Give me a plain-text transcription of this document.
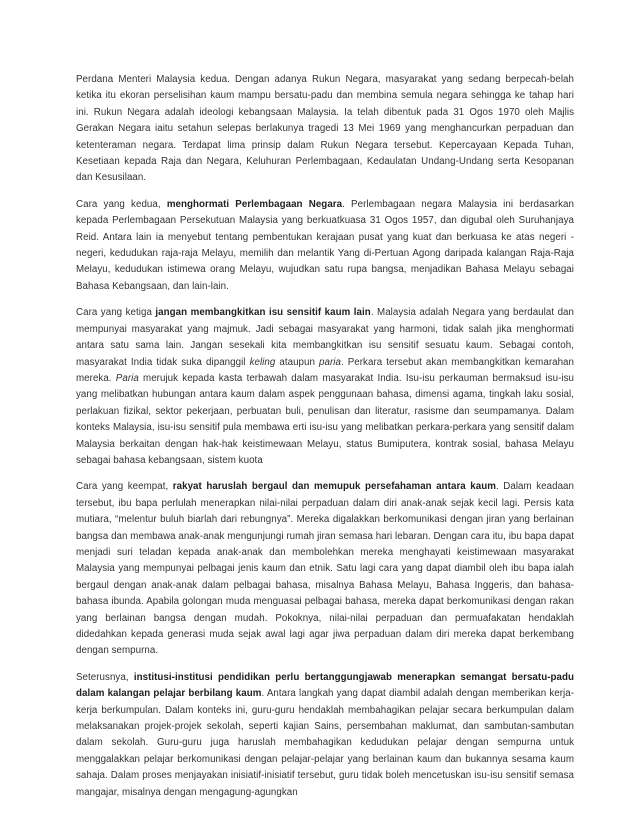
Perdana Menteri Malaysia kedua. Dengan adanya Rukun Negara, masyarakat yang sedang berpecah-belah ketika itu ekoran perselisihan kaum mampu bersatu-padu dan membina semula negara sehingga ke tahap hari ini. Rukun Negara adalah ideologi kebangsaan Malaysia. Ia telah dibentuk pada 31 Ogos 1970 oleh Majlis Gerakan Negara iaitu setahun selepas berlakunya tragedi 13 Mei 1969 yang menghancurkan perpaduan dan ketenteraman negara. Terdapat lima prinsip dalam Rukun Negara tersebut. Kepercayaan Kepada Tuhan, Kesetiaan kepada Raja dan Negara, Keluhuran Perlembagaan, Kedaulatan Undang-Undang serta Kesopanan dan Kesusilaan.

Cara yang kedua, menghormati Perlembagaan Negara. Perlembagaan negara Malaysia ini berdasarkan kepada Perlembagaan Persekutuan Malaysia yang berkuatkuasa 31 Ogos 1957, dan digubal oleh Suruhanjaya Reid. Antara lain ia menyebut tentang pembentukan kerajaan pusat yang kuat dan berkuasa ke atas negeri -negeri, kedudukan raja-raja Melayu, memilih dan melantik Yang di-Pertuan Agong daripada kalangan Raja-Raja Melayu, kedudukan istimewa orang Melayu, wujudkan satu rupa bangsa, menjadikan Bahasa Melayu sebagai Bahasa Kebangsaan, dan lain-lain.

Cara yang ketiga jangan membangkitkan isu sensitif kaum lain. Malaysia adalah Negara yang berdaulat dan mempunyai masyarakat yang majmuk. Jadi sebagai masyarakat yang harmoni, tidak salah jika menghormati antara satu sama lain. Jangan sesekali kita membangkitkan isu sensitif sesuatu kaum. Sebagai contoh, masyarakat India tidak suka dipanggil keling ataupun paria. Perkara tersebut akan membangkitkan kemarahan mereka. Paria merujuk kepada kasta terbawah dalam masyarakat India. Isu-isu perkauman bermaksud isu-isu yang melibatkan hubungan antara kaum dalam aspek penggunaan bahasa, dimensi agama, tingkah laku sosial, perlakuan fizikal, sektor pekerjaan, perbuatan buli, penulisan dan literatur, rasisme dan seumpamanya. Dalam konteks Malaysia, isu-isu sensitif pula membawa erti isu-isu yang melibatkan perkara-perkara yang sensitif dalam Malaysia berkaitan dengan hak-hak keistimewaan Melayu, status Bumiputera, kontrak sosial, bahasa Melayu sebagai bahasa kebangsaan, sistem kuota

Cara yang keempat, rakyat haruslah bergaul dan memupuk persefahaman antara kaum. Dalam keadaan tersebut, ibu bapa perlulah menerapkan nilai-nilai perpaduan dalam diri anak-anak sejak kecil lagi. Persis kata mutiara, “melentur buluh biarlah dari rebungnya”. Mereka digalakkan berkomunikasi dengan jiran yang berlainan bangsa dan membawa anak-anak mengunjungi rumah jiran semasa hari lebaran. Dengan cara itu, ibu bapa dapat menjadi suri teladan kepada anak-anak dan membolehkan mereka menghayati keistimewaan masyarakat Malaysia yang mempunyai pelbagai jenis kaum dan etnik. Satu lagi cara yang dapat diambil oleh ibu bapa ialah bergaul dengan anak-anak dalam pelbagai bahasa, misalnya Bahasa Melayu, Bahasa Inggeris, dan bahasa-bahasa ibunda. Apabila golongan muda menguasai pelbagai bahasa, mereka dapat berkomunikasi dengan rakan yang berlainan bangsa dengan mudah. Pokoknya, nilai-nilai perpaduan dan permuafakatan hendaklah didedahkan kepada generasi muda sejak awal lagi agar jiwa perpaduan dalam diri mereka dapat berkembang dengan sempurna.

Seterusnya, institusi-institusi pendidikan perlu bertanggungjawab menerapkan semangat bersatu-padu dalam kalangan pelajar berbilang kaum. Antara langkah yang dapat diambil adalah dengan memberikan kerja-kerja berkumpulan. Dalam konteks ini, guru-guru hendaklah membahagikan pelajar secara berkumpulan dalam melaksanakan projek-projek sekolah, seperti kajian Sains, persembahan maklumat, dan sambutan-sambutan dalam sekolah. Guru-guru juga haruslah membahagikan kedudukan pelajar dengan sempurna untuk menggalakkan pelajar berkomunikasi dengan pelajar-pelajar yang berlainan kaum dan bukannya sesama kaum sahaja. Dalam proses menjayakan inisiatif-inisiatif tersebut, guru tidak boleh mencetuskan isu-isu sensitif semasa mangajar, misalnya dengan mengagung-agungkan
